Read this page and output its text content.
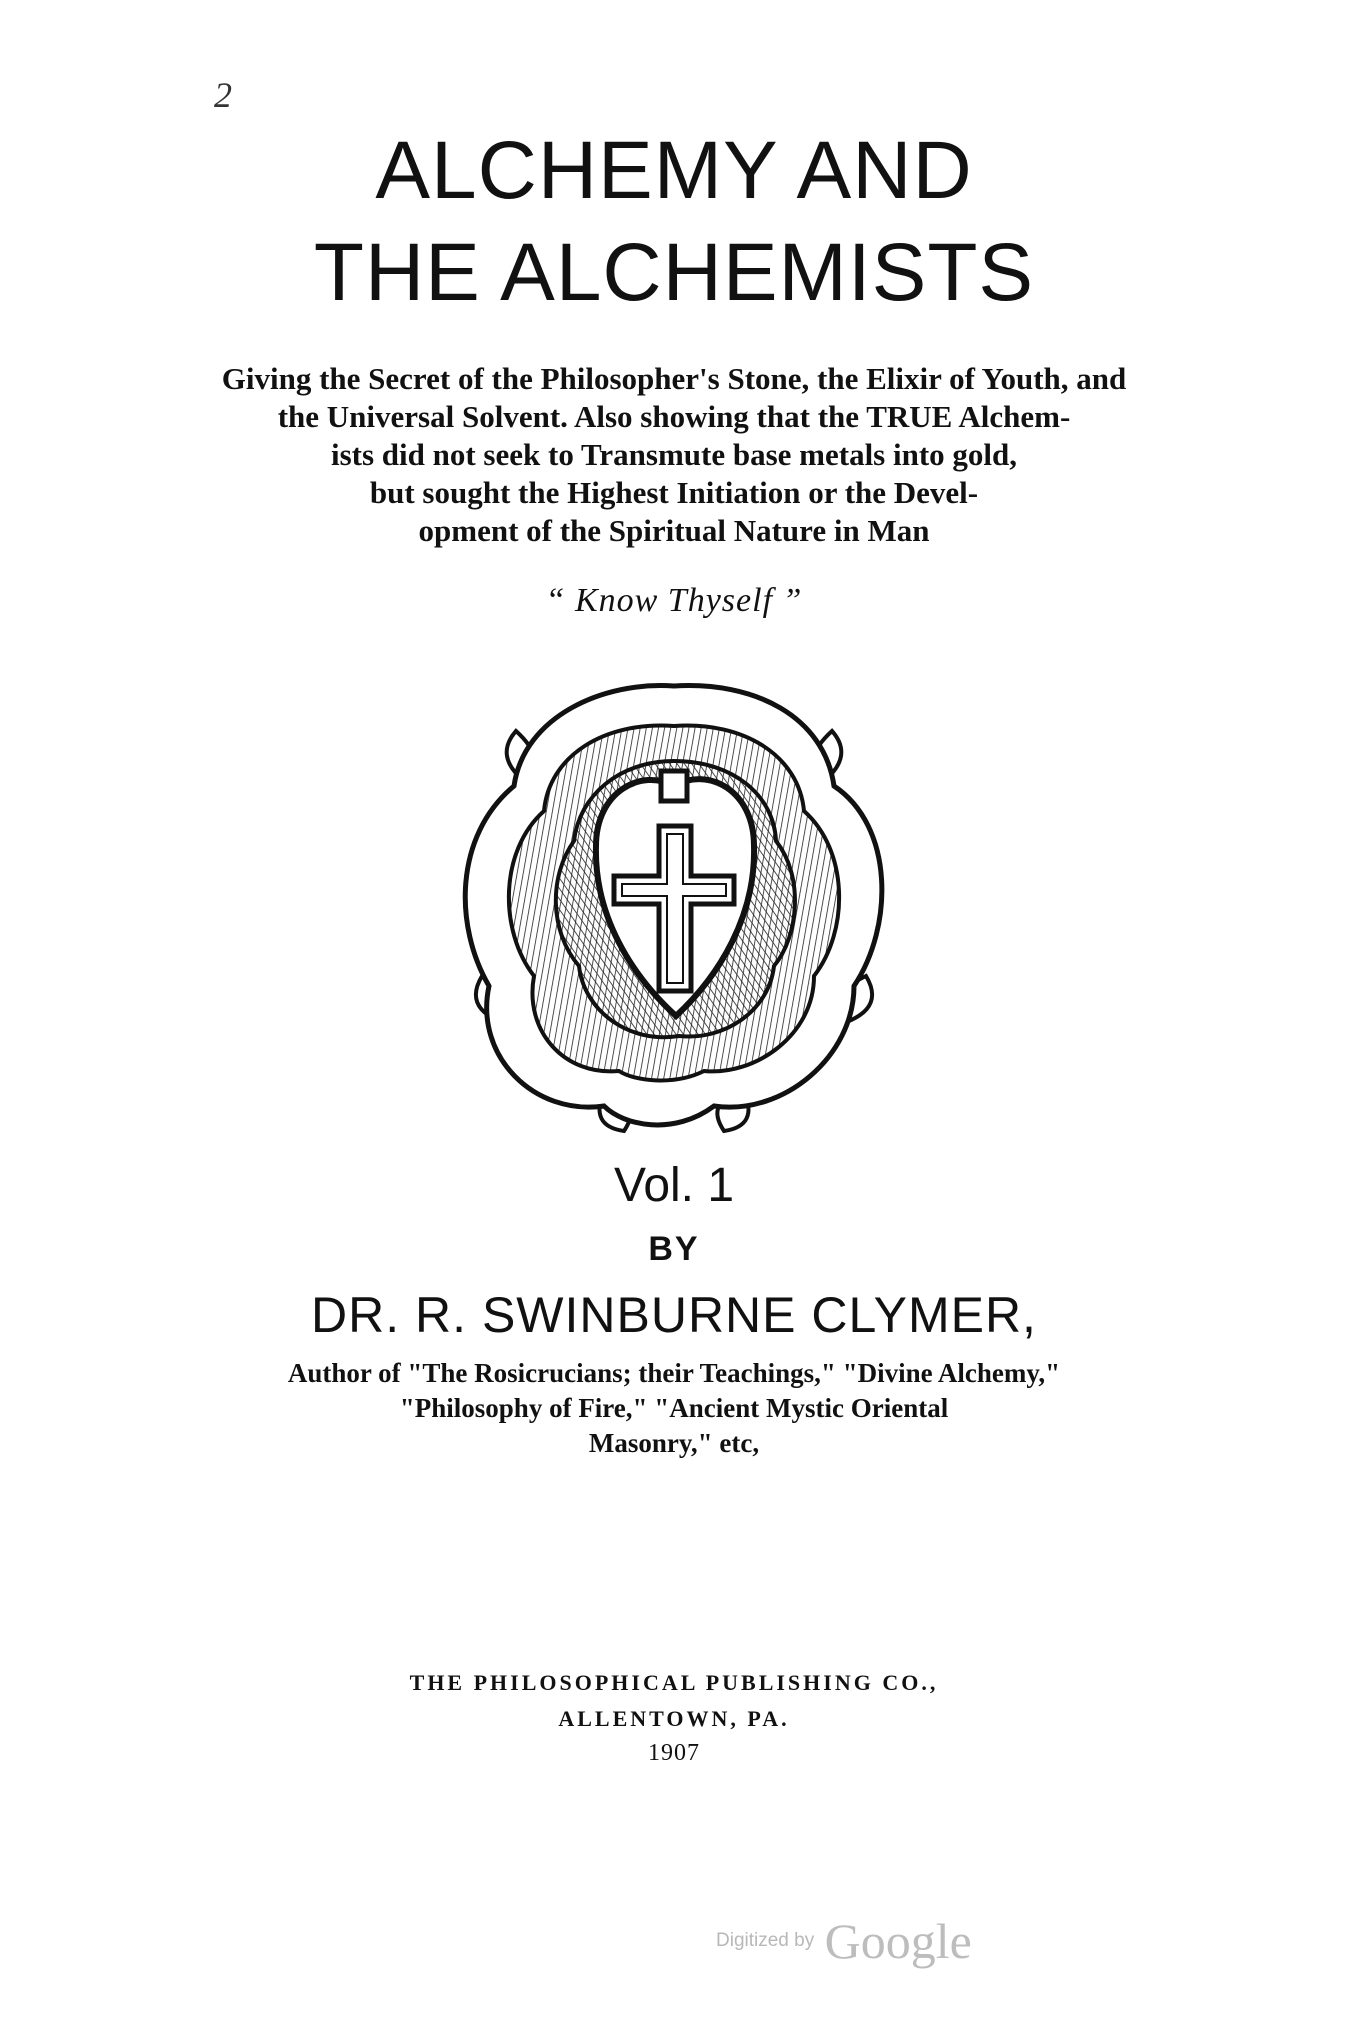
2
ALCHEMY AND
THE ALCHEMISTS
Giving the Secret of the Philosopher's Stone, the Elixir of Youth, and
the Universal Solvent. Also showing that the TRUE Alchem-
ists did not seek to Transmute base metals into gold,
but sought the Highest Initiation or the Devel-
opment of the Spiritual Nature in Man
“ Know Thyself ”
Vol. 1
BY
DR. R. SWINBURNE CLYMER,
Author of "The Rosicrucians; their Teachings," "Divine Alchemy,"
"Philosophy of Fire," "Ancient Mystic Oriental
Masonry," etc,
THE PHILOSOPHICAL PUBLISHING CO.,
ALLENTOWN, PA.
1907
Digitized by Google
